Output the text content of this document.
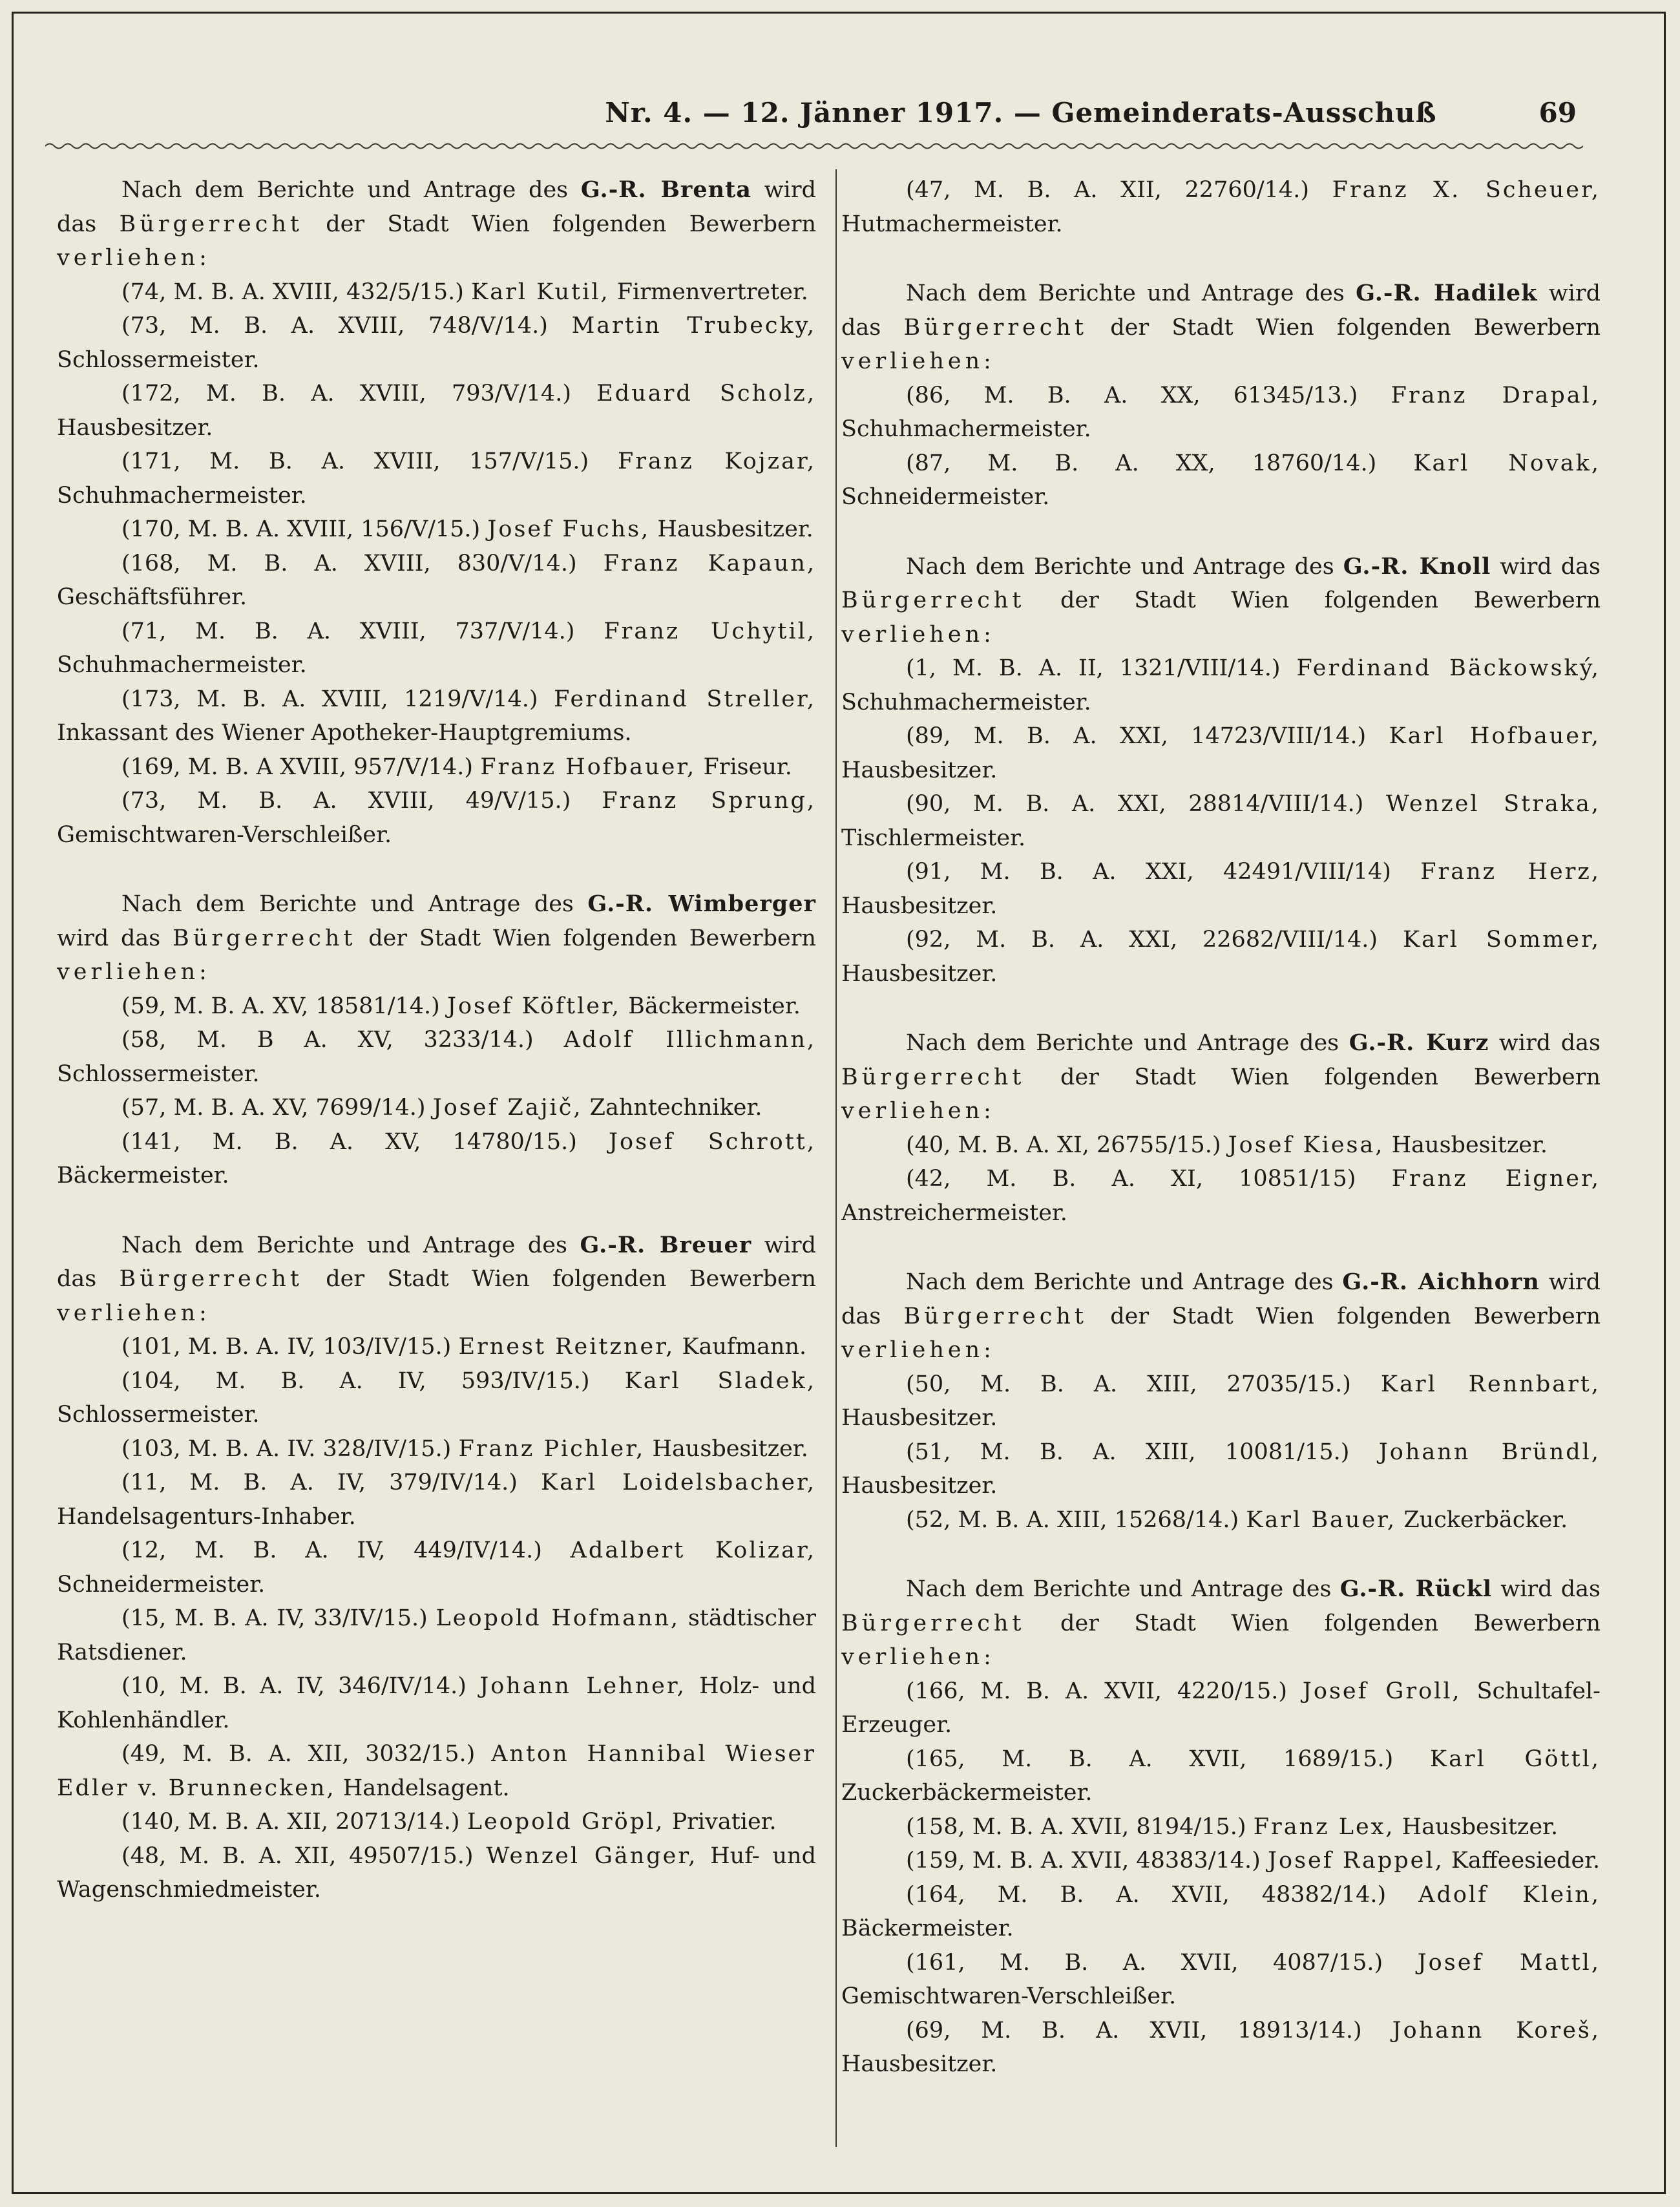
Nr. 4. — 12. Jänner 1917. — Gemeinderats-Ausschuß	69

Nach dem Berichte und Antrage des G.-R. Brenta wird das Bürgerrecht der Stadt Wien folgenden Bewerbern verliehen:

(74, M. B. A. XVIII, 432/5/15.) Karl Kutil, Firmenvertreter.

(73, M. B. A. XVIII, 748/V/14.) Martin Trubecky, Schlossermeister.

(172, M. B. A. XVIII, 793/V/14.) Eduard Scholz, Hausbesitzer.

(171, M. B. A. XVIII, 157/V/15.) Franz Kojzar, Schuhmachermeister.

(170, M. B. A. XVIII, 156/V/15.) Josef Fuchs, Hausbesitzer.

(168, M. B. A. XVIII, 830/V/14.) Franz Kapaun, Geschäftsführer.

(71, M. B. A. XVIII, 737/V/14.) Franz Uchytil, Schuhmachermeister.

(173, M. B. A. XVIII, 1219/V/14.) Ferdinand Streller, Inkassant des Wiener Apotheker-Hauptgremiums.

(169, M. B. A XVIII, 957/V/14.) Franz Hofbauer, Friseur.

(73, M. B. A. XVIII, 49/V/15.) Franz Sprung, Gemischtwaren-Verschleißer.

Nach dem Berichte und Antrage des G.-R. Wimberger wird das Bürgerrecht der Stadt Wien folgenden Bewerbern verliehen:

(59, M. B. A. XV, 18581/14.) Josef Köftler, Bäckermeister.

(58, M. B A. XV, 3233/14.) Adolf Illichmann, Schlossermeister.

(57, M. B. A. XV, 7699/14.) Josef Zajič, Zahntechniker.

(141, M. B. A. XV, 14780/15.) Josef Schrott, Bäckermeister.

Nach dem Berichte und Antrage des G.-R. Breuer wird das Bürgerrecht der Stadt Wien folgenden Bewerbern verliehen:

(101, M. B. A. IV, 103/IV/15.) Ernest Reitzner, Kaufmann.

(104, M. B. A. IV, 593/IV/15.) Karl Sladek, Schlossermeister.

(103, M. B. A. IV. 328/IV/15.) Franz Pichler, Hausbesitzer.

(11, M. B. A. IV, 379/IV/14.) Karl Loidelsbacher, Handelsagenturs-Inhaber.

(12, M. B. A. IV, 449/IV/14.) Adalbert Kolizar, Schneidermeister.

(15, M. B. A. IV, 33/IV/15.) Leopold Hofmann, städtischer Ratsdiener.

(10, M. B. A. IV, 346/IV/14.) Johann Lehner, Holz- und Kohlenhändler.

(49, M. B. A. XII, 3032/15.) Anton Hannibal Wieser Edler v. Brunnecken, Handelsagent.

(140, M. B. A. XII, 20713/14.) Leopold Gröpl, Privatier.

(48, M. B. A. XII, 49507/15.) Wenzel Gänger, Huf- und Wagenschmiedmeister.

(47, M. B. A. XII, 22760/14.) Franz X. Scheuer, Hutmachermeister.

Nach dem Berichte und Antrage des G.-R. Hadilek wird das Bürgerrecht der Stadt Wien folgenden Bewerbern verliehen:

(86, M. B. A. XX, 61345/13.) Franz Drapal, Schuhmachermeister.

(87, M. B. A. XX, 18760/14.) Karl Novak, Schneidermeister.

Nach dem Berichte und Antrage des G.-R. Knoll wird das Bürgerrecht der Stadt Wien folgenden Bewerbern verliehen:

(1, M. B. A. II, 1321/VIII/14.) Ferdinand Bäckowský, Schuhmachermeister.

(89, M. B. A. XXI, 14723/VIII/14.) Karl Hofbauer, Hausbesitzer.

(90, M. B. A. XXI, 28814/VIII/14.) Wenzel Straka, Tischlermeister.

(91, M. B. A. XXI, 42491/VIII/14) Franz Herz, Hausbesitzer.

(92, M. B. A. XXI, 22682/VIII/14.) Karl Sommer, Hausbesitzer.

Nach dem Berichte und Antrage des G.-R. Kurz wird das Bürgerrecht der Stadt Wien folgenden Bewerbern verliehen:

(40, M. B. A. XI, 26755/15.) Josef Kiesa, Hausbesitzer.

(42, M. B. A. XI, 10851/15) Franz Eigner, Anstreichermeister.

Nach dem Berichte und Antrage des G.-R. Aichhorn wird das Bürgerrecht der Stadt Wien folgenden Bewerbern verliehen:

(50, M. B. A. XIII, 27035/15.) Karl Rennbart, Hausbesitzer.

(51, M. B. A. XIII, 10081/15.) Johann Bründl, Hausbesitzer.

(52, M. B. A. XIII, 15268/14.) Karl Bauer, Zuckerbäcker.

Nach dem Berichte und Antrage des G.-R. Rückl wird das Bürgerrecht der Stadt Wien folgenden Bewerbern verliehen:

(166, M. B. A. XVII, 4220/15.) Josef Groll, Schultafel-Erzeuger.

(165, M. B. A. XVII, 1689/15.) Karl Göttl, Zuckerbäckermeister.

(158, M. B. A. XVII, 8194/15.) Franz Lex, Hausbesitzer.

(159, M. B. A. XVII, 48383/14.) Josef Rappel, Kaffeesieder.

(164, M. B. A. XVII, 48382/14.) Adolf Klein, Bäckermeister.

(161, M. B. A. XVII, 4087/15.) Josef Mattl, Gemischtwaren-Verschleißer.

(69, M. B. A. XVII, 18913/14.) Johann Koreš, Hausbesitzer.
